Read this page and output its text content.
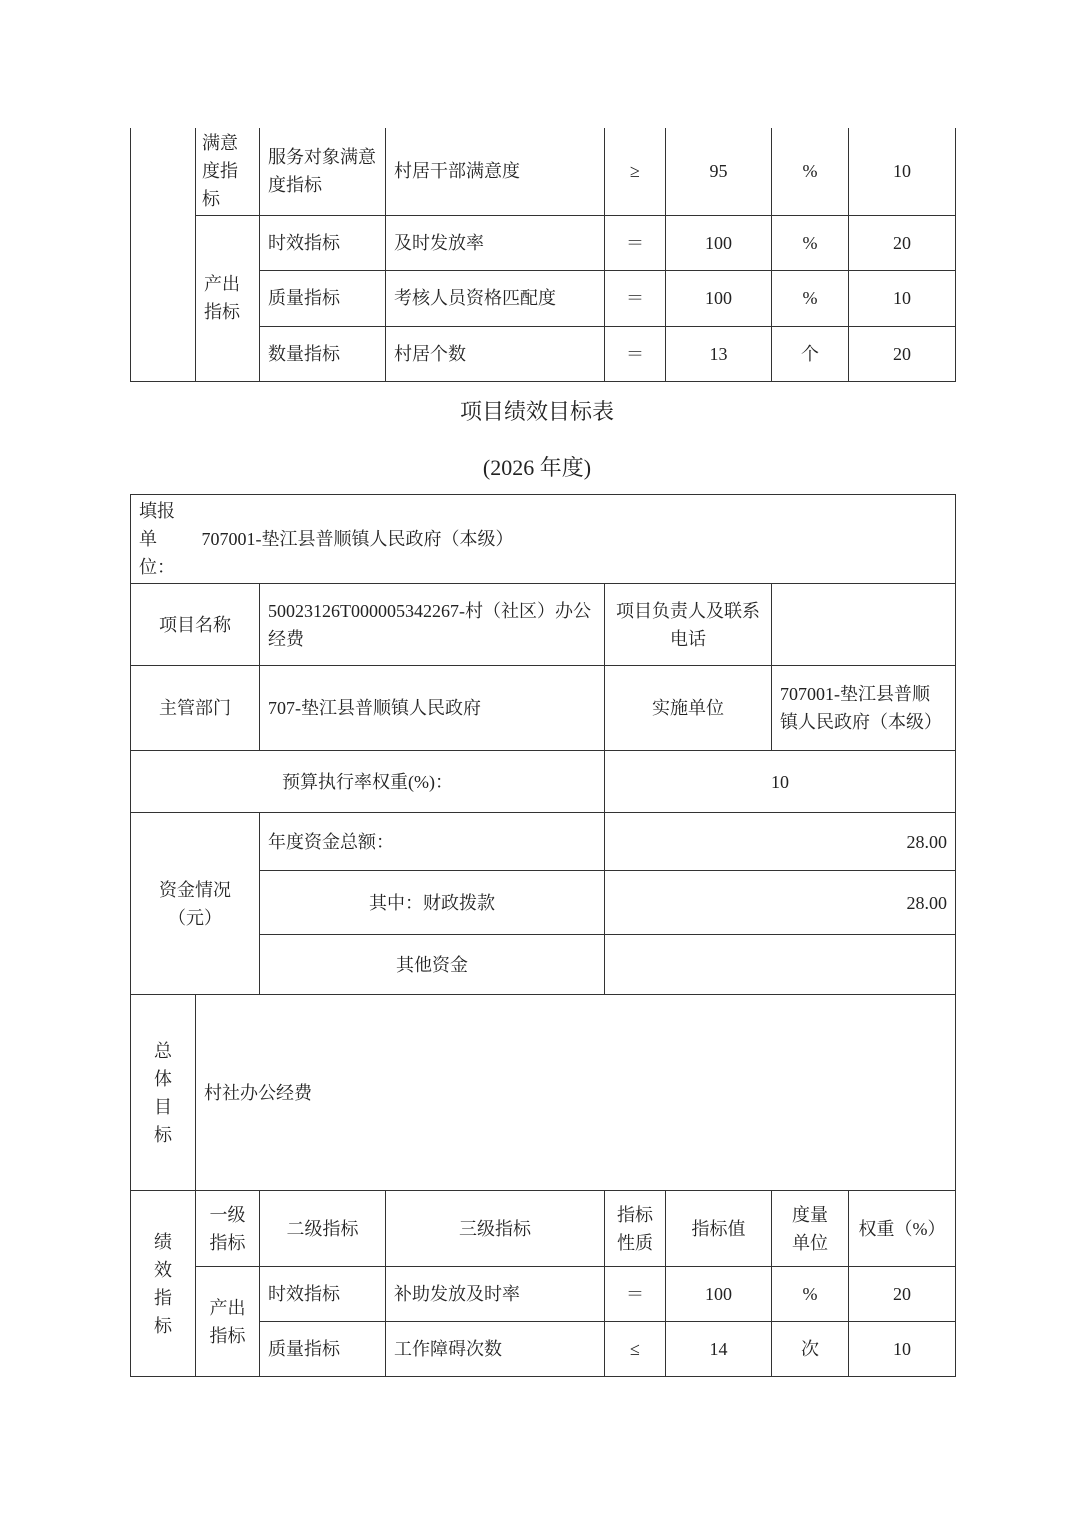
	满意度指标	服务对象满意度指标	村居干部满意度	≥	95	%	10
	产出指标	时效指标	及时发放率	＝	100	%	20
		质量指标	考核人员资格匹配度	＝	100	%	10
		数量指标	村居个数	＝	13	个	20
项目绩效目标表
(2026 年度)
填报单位： 707001-垫江县普顺镇人民政府（本级）							
项目名称		50023126T000005342267-村（社区）办公经费		项目负责人及联系电话			
主管部门		707-垫江县普顺镇人民政府		实施单位		707001-垫江县普顺镇人民政府（本级）	
预算执行率权重(%)：				10			
资金情况（元）		年度资金总额：		28.00			
		其中：财政拨款		28.00			
		其他资金					
总体目标	村社办公经费						
绩效指标	一级指标	二级指标	三级指标	指标性质	指标值	度量单位	权重（%）
	产出指标	时效指标	补助发放及时率	＝	100	%	20
		质量指标	工作障碍次数	≤	14	次	10
